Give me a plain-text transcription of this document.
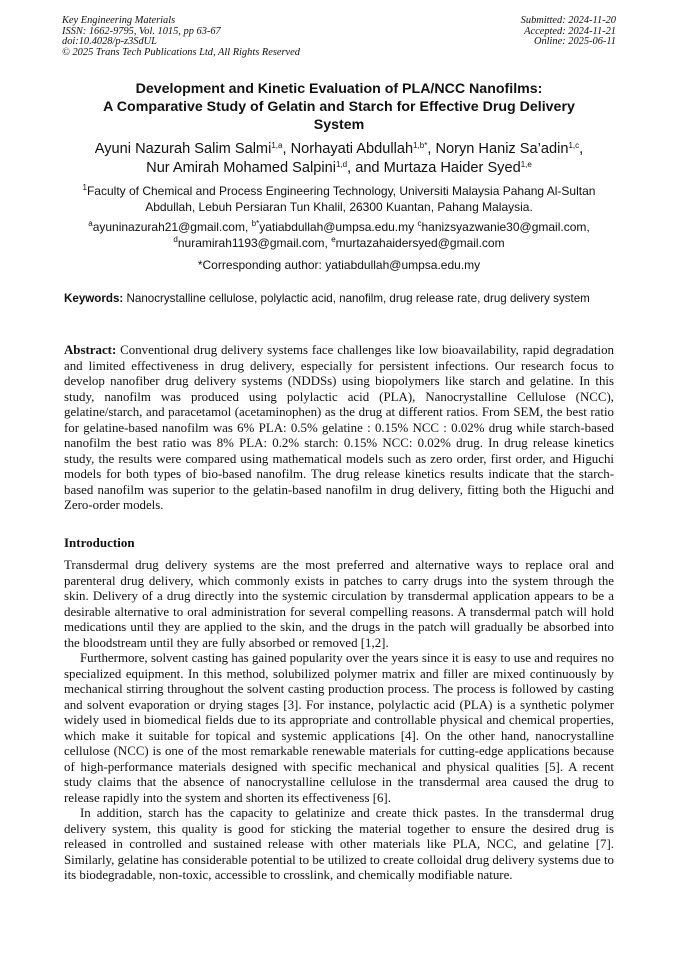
Key Engineering Materials
ISSN: 1662-9795, Vol. 1015, pp 63-67
doi:10.4028/p-z3SdUL
© 2025 Trans Tech Publications Ltd, All Rights Reserved
Submitted: 2024-11-20
Accepted: 2024-11-21
Online: 2025-06-11
Development and Kinetic Evaluation of PLA/NCC Nanofilms:
A Comparative Study of Gelatin and Starch for Effective Drug Delivery
System
Ayuni Nazurah Salim Salmi$^{1,a}$, Norhayati Abdullah$^{1,b*}$, Noryn Haniz Sa’adin$^{1,c}$,
Nur Amirah Mohamed Salpini$^{1,d}$, and Murtaza Haider Syed$^{1,e}$
$^1$Faculty of Chemical and Process Engineering Technology, Universiti Malaysia Pahang Al-Sultan
Abdullah, Lebuh Persiaran Tun Khalil, 26300 Kuantan, Pahang Malaysia.
$^a$ayuninazurah21@gmail.com, $^{b*}$yatiabdullah@umpsa.edu.my $^c$hanizsyazwanie30@gmail.com,
$^d$nuramirah1193@gmail.com, $^e$murtazahaidersyed@gmail.com
*Corresponding author: yatiabdullah@umpsa.edu.my
Keywords: Nanocrystalline cellulose, polylactic acid, nanofilm, drug release rate, drug delivery system
Abstract: Conventional drug delivery systems face challenges like low bioavailability, rapid degradation and limited effectiveness in drug delivery, especially for persistent infections. Our research focus to develop nanofiber drug delivery systems (NDDSs) using biopolymers like starch and gelatine. In this study, nanofilm was produced using polylactic acid (PLA), Nanocrystalline Cellulose (NCC), gelatine/starch, and paracetamol (acetaminophen) as the drug at different ratios. From SEM, the best ratio for gelatine-based nanofilm was 6% PLA: 0.5% gelatine : 0.15% NCC : 0.02% drug while starch-based nanofilm the best ratio was 8% PLA: 0.2% starch: 0.15% NCC: 0.02% drug. In drug release kinetics study, the results were compared using mathematical models such as zero order, first order, and Higuchi models for both types of bio-based nanofilm. The drug release kinetics results indicate that the starch-based nanofilm was superior to the gelatin-based nanofilm in drug delivery, fitting both the Higuchi and Zero-order models.
Introduction

Transdermal drug delivery systems are the most preferred and alternative ways to replace oral and parenteral drug delivery, which commonly exists in patches to carry drugs into the system through the skin. Delivery of a drug directly into the systemic circulation by transdermal application appears to be a desirable alternative to oral administration for several compelling reasons. A transdermal patch will hold medications until they are applied to the skin, and the drugs in the patch will gradually be absorbed into the bloodstream until they are fully absorbed or removed [1,2].

Furthermore, solvent casting has gained popularity over the years since it is easy to use and requires no specialized equipment. In this method, solubilized polymer matrix and filler are mixed continuously by mechanical stirring throughout the solvent casting production process. The process is followed by casting and solvent evaporation or drying stages [3]. For instance, polylactic acid (PLA) is a synthetic polymer widely used in biomedical fields due to its appropriate and controllable physical and chemical properties, which make it suitable for topical and systemic applications [4]. On the other hand, nanocrystalline cellulose (NCC) is one of the most remarkable renewable materials for cutting-edge applications because of high-performance materials designed with specific mechanical and physical qualities [5]. A recent study claims that the absence of nanocrystalline cellulose in the transdermal area caused the drug to release rapidly into the system and shorten its effectiveness [6].

In addition, starch has the capacity to gelatinize and create thick pastes. In the transdermal drug delivery system, this quality is good for sticking the material together to ensure the desired drug is released in controlled and sustained release with other materials like PLA, NCC, and gelatine [7]. Similarly, gelatine has considerable potential to be utilized to create colloidal drug delivery systems due to its biodegradable, non-toxic, accessible to crosslink, and chemically modifiable nature.
